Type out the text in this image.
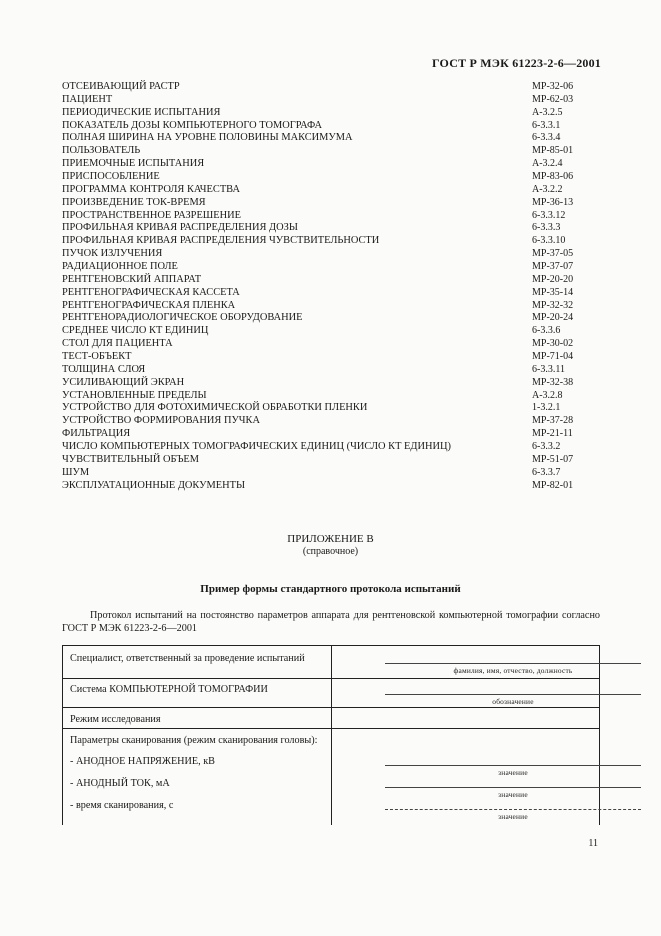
ГОСТ Р МЭК 61223-2-6—2001
ОТСЕИВАЮЩИЙ РАСТР	МР-32-06
ПАЦИЕНТ	МР-62-03
ПЕРИОДИЧЕСКИЕ ИСПЫТАНИЯ	А-3.2.5
ПОКАЗАТЕЛЬ ДОЗЫ КОМПЬЮТЕРНОГО ТОМОГРАФА	6-3.3.1
ПОЛНАЯ ШИРИНА НА УРОВНЕ ПОЛОВИНЫ МАКСИМУМА	6-3.3.4
ПОЛЬЗОВАТЕЛЬ	МР-85-01
ПРИЕМОЧНЫЕ ИСПЫТАНИЯ	А-3.2.4
ПРИСПОСОБЛЕНИЕ	МР-83-06
ПРОГРАММА КОНТРОЛЯ КАЧЕСТВА	А-3.2.2
ПРОИЗВЕДЕНИЕ ТОК-ВРЕМЯ	МР-36-13
ПРОСТРАНСТВЕННОЕ РАЗРЕШЕНИЕ	6-3.3.12
ПРОФИЛЬНАЯ КРИВАЯ РАСПРЕДЕЛЕНИЯ ДОЗЫ	6-3.3.3
ПРОФИЛЬНАЯ КРИВАЯ РАСПРЕДЕЛЕНИЯ ЧУВСТВИТЕЛЬНОСТИ	6-3.3.10
ПУЧОК ИЗЛУЧЕНИЯ	МР-37-05
РАДИАЦИОННОЕ ПОЛЕ	МР-37-07
РЕНТГЕНОВСКИЙ АППАРАТ	МР-20-20
РЕНТГЕНОГРАФИЧЕСКАЯ КАССЕТА	МР-35-14
РЕНТГЕНОГРАФИЧЕСКАЯ ПЛЕНКА	МР-32-32
РЕНТГЕНОРАДИОЛОГИЧЕСКОЕ ОБОРУДОВАНИЕ	МР-20-24
СРЕДНЕЕ ЧИСЛО КТ ЕДИНИЦ	6-3.3.6
СТОЛ ДЛЯ ПАЦИЕНТА	МР-30-02
ТЕСТ-ОБЪЕКТ	МР-71-04
ТОЛЩИНА СЛОЯ	6-3.3.11
УСИЛИВАЮЩИЙ ЭКРАН	МР-32-38
УСТАНОВЛЕННЫЕ ПРЕДЕЛЫ	А-3.2.8
УСТРОЙСТВО ДЛЯ ФОТОХИМИЧЕСКОЙ ОБРАБОТКИ ПЛЕНКИ	1-3.2.1
УСТРОЙСТВО ФОРМИРОВАНИЯ ПУЧКА	МР-37-28
ФИЛЬТРАЦИЯ	МР-21-11
ЧИСЛО КОМПЬЮТЕРНЫХ ТОМОГРАФИЧЕСКИХ ЕДИНИЦ (ЧИСЛО КТ ЕДИНИЦ)	6-3.3.2
ЧУВСТВИТЕЛЬНЫЙ ОБЪЕМ	МР-51-07
ШУМ	6-3.3.7
ЭКСПЛУАТАЦИОННЫЕ ДОКУМЕНТЫ	МР-82-01
ПРИЛОЖЕНИЕ В
(справочное)
Пример формы стандартного протокола испытаний
Протокол испытаний на постоянство параметров аппарата для рентгеновской компьютерной томографии согласно ГОСТ Р МЭК 61223-2-6—2001
Специалист, ответственный за проведение испытаний
фамилия, имя, отчество, должность
Система КОМПЬЮТЕРНОЙ ТОМОГРАФИИ
обозначение
Режим исследования
Параметры сканирования (режим сканирования головы):
- АНОДНОЕ НАПРЯЖЕНИЕ, кВ
значение
- АНОДНЫЙ ТОК, мА
значение
- время сканирования, с
значение
11
